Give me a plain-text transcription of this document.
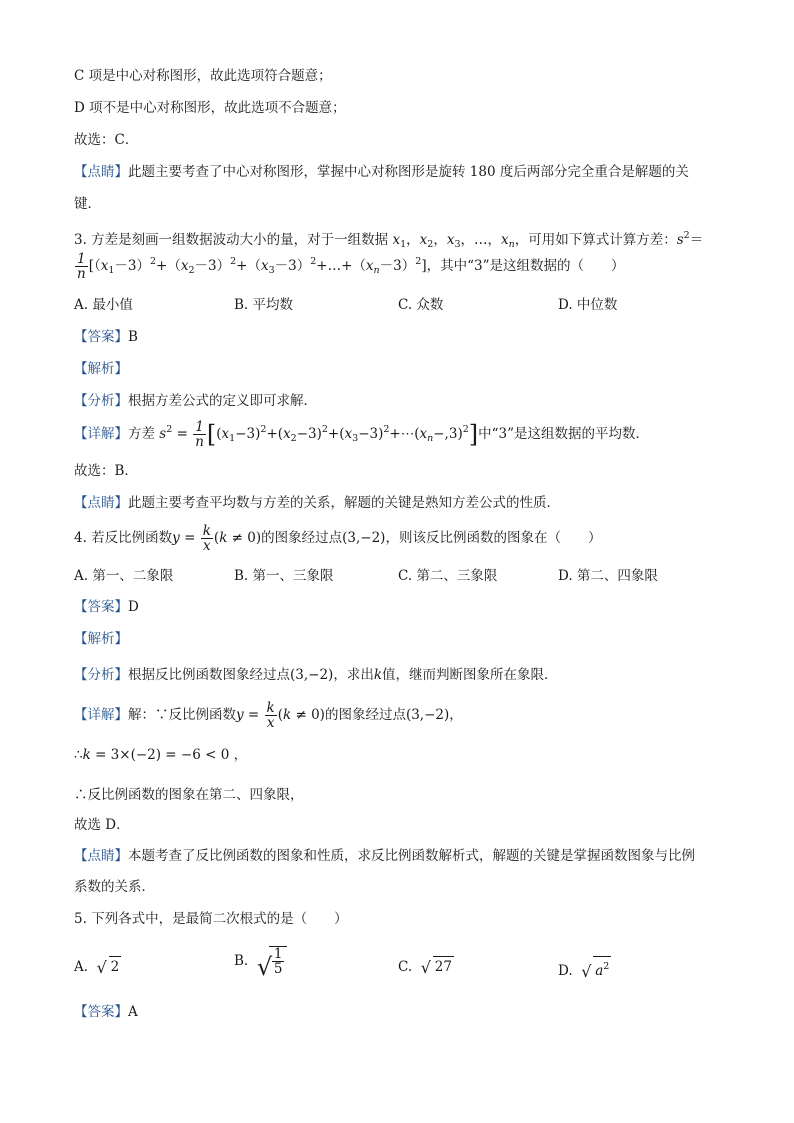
C 项是中心对称图形，故此选项符合题意；
D 项不是中心对称图形，故此选项不合题意；
故选：C．
【点睛】此题主要考查了中心对称图形，掌握中心对称图形是旋转 180 度后两部分完全重合是解题的关
键．
3. 方差是刻画一组数据波动大小的量，对于一组数据 $x_1$，$x_2$，$x_3$，…，$x_n$，可用如下算式计算方差：$s^2=$
$\frac{1}{n}$ $[(x_1-3)^2+(x_2-3)^2+(x_3-3)^2+\dots+(x_n-3)^2]$，其中“3”是这组数据的（　　）
A. 最小值	B. 平均数	C. 众数	D. 中位数
【答案】B
【解析】
【分析】根据方差公式的定义即可求解．
【详解】方差 $s^2 = \frac{1}{n}$ $[(x_1-3)^2+(x_2-3)^2+(x_3-3)^2+\cdots(x_n-,3)^2]$中“3”是这组数据的平均数．
故选：B．
【点睛】此题主要考查平均数与方差的关系，解题的关键是熟知方差公式的性质．
4. 若反比例函数$y = \frac{k}{x} (k \ne 0)$的图象经过点(3,−2)，则该反比例函数的图象在（　　）
A. 第一、二象限	B. 第一、三象限	C. 第二、三象限	D. 第二、四象限
【答案】D
【解析】
【分析】根据反比例函数图象经过点(3,−2)，求出k值，继而判断图象所在象限．
【详解】解：∵反比例函数$y = \frac{k}{x} (k \ne 0)$的图象经过点(3,−2)，
∴k = 3×(−2) = −6 < 0 ，
∴反比例函数的图象在第二、四象限，
故选 D．
【点睛】本题考查了反比例函数的图象和性质，求反比例函数解析式，解题的关键是掌握函数图象与比例
系数的关系．
5. 下列各式中，是最简二次根式的是（　　）
A. √ 2	B. √ $\frac{1}{5}$	C. √ 27	D. √ $a^2$
【答案】A
